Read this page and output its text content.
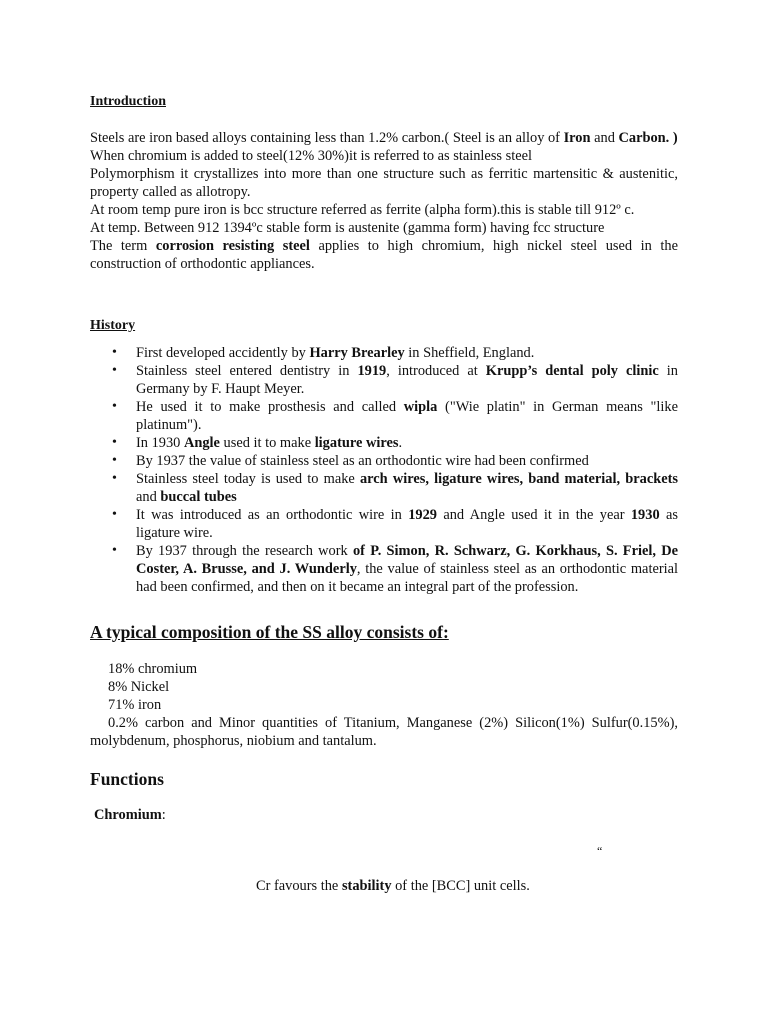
Introduction

Steels are iron based alloys containing less than 1.2% carbon.( Steel is an alloy of Iron and Carbon. )

When chromium is added to steel(12% 30%)it is referred to as stainless steel

Polymorphism it crystallizes into more than one structure such as ferritic martensitic & austenitic, property called as allotropy.

At room temp pure iron is bcc structure referred as ferrite (alpha form).this is stable till 912º c.

At temp. Between 912 1394ºc stable form is austenite (gamma form) having fcc structure

The term corrosion resisting steel applies to high chromium, high nickel steel used in the construction of orthodontic appliances.

History
• First developed accidently by Harry Brearley in Sheffield, England.
• Stainless steel entered dentistry in 1919, introduced at Krupp’s dental poly clinic in Germany by F. Haupt Meyer.
• He used it to make prosthesis and called wipla ("Wie platin" in German means "like platinum").
• In 1930 Angle used it to make ligature wires.
• By 1937 the value of stainless steel as an orthodontic wire had been confirmed
• Stainless steel today is used to make arch wires, ligature wires, band material, brackets and buccal tubes
• It was introduced as an orthodontic wire in 1929 and Angle used it in the year 1930 as ligature wire.
• By 1937 through the research work of P. Simon, R. Schwarz, G. Korkhaus, S. Friel, De Coster, A. Brusse, and J. Wunderly, the value of stainless steel as an orthodontic material had been confirmed, and then on it became an integral part of the profession.
A typical composition of the SS alloy consists of:

18% chromium

8% Nickel

71% iron

0.2% carbon and Minor quantities of Titanium, Manganese (2%) Silicon(1%) Sulfur(0.15%), molybdenum, phosphorus, niobium and tantalum.

Functions
Chromium:
“
Cr favours the stability of the [BCC] unit cells.
